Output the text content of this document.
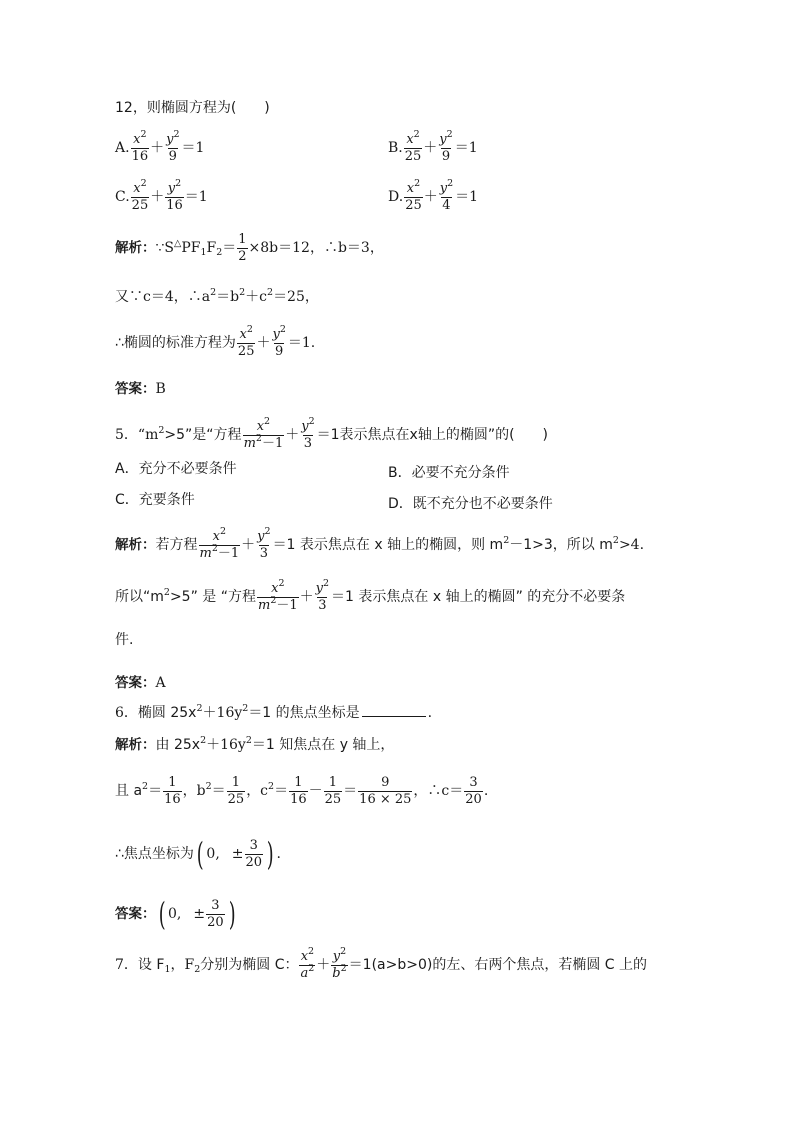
12，则椭圆方程为(　　)
A. $\frac{x^2}{16} + \frac{y^2}{9} =1$	B. $\frac{x^2}{25} + \frac{y^2}{9} =1$
C. $\frac{x^2}{25} + \frac{y^2}{16} =1$	D. $\frac{x^2}{25} + \frac{y^2}{4} =1$
解析：$\because S^\triangle PF_1F_2= \frac{1}{2} \times 8b=12$，∴b＝3，
又∵c＝4，$\therefore a^2=b^2+c^2=25$，
∴椭圆的标准方程为 $\frac{x^2}{25} + \frac{y^2}{9} =1$.
答案：B
5．“$m^2>5$”是“方程 $\frac{x^2}{m^2-1} + \frac{y^2}{3} =1$表示焦点在x轴上的椭圆”的(　　)
A．充分不必要条件	B．必要不充分条件
C．充要条件	D．既不充分也不必要条件
解析：若方程 $\frac{x^2}{m^2-1} + \frac{y^2}{3} =1$ 表示焦点在 x 轴上的椭圆，则 $m^2-1>3$，所以 $m^2>4$.
所以“$m^2>5$” 是 “方程 $\frac{x^2}{m^2-1} + \frac{y^2}{3} =1$ 表示焦点在 x 轴上的椭圆” 的充分不必要条
件.
答案：A
6．椭圆 $25x^2+16y^2=1$ 的焦点坐标是	.
解析：由 $25x^2+16y^2=1$ 知焦点在 y 轴上，
且 $a^2= \frac{1}{16}$ ，$b^2= \frac{1}{25}$ ，$c^2= \frac{1}{16} - \frac{1}{25} = \frac{9}{16 \times 25}$ ，∴c＝ $\frac{3}{20}$ .
∴焦点坐标为( 0, ± $\frac{3}{20}$ ) .
答案：( 0, ± $\frac{3}{20}$ )
7．设 $F_1$，$F_2$分别为椭圆 C： $\frac{x^2}{a^2} + \frac{y^2}{b^2} =1(a>b>0)$的左、右两个焦点，若椭圆 C 上的
